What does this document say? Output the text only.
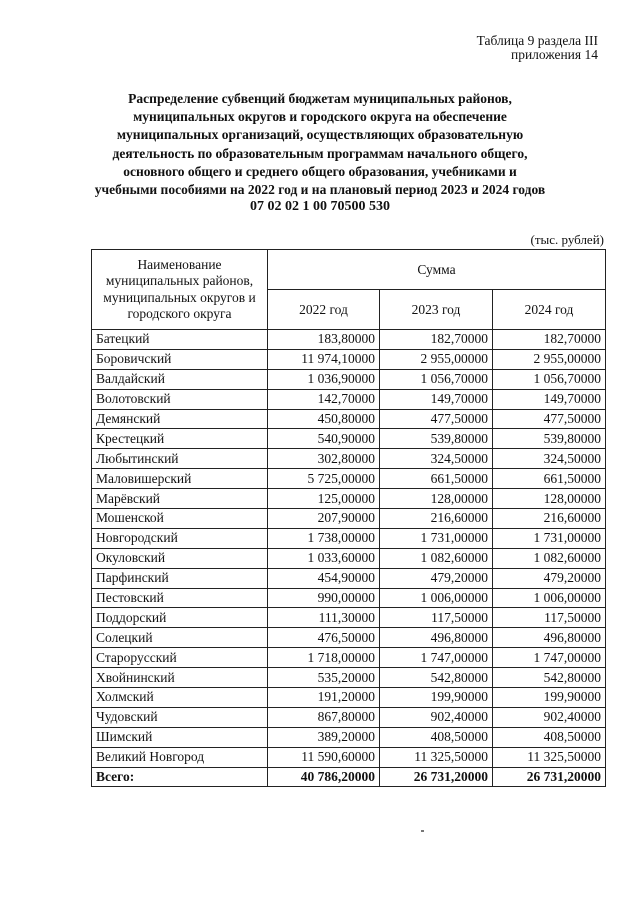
Таблица 9 раздела III
приложения 14
Распределение субвенций бюджетам муниципальных районов,
муниципальных округов и городского округа на обеспечение
муниципальных организаций, осуществляющих образовательную
деятельность по образовательным программам начального общего,
основного общего и среднего общего образования, учебниками и
учебными пособиями на 2022 год и на плановый период 2023 и 2024 годов
07 02 02 1 00 70500 530
(тыс. рублей)
Наименование муниципальных районов, муниципальных округов и городского округа	Сумма		
	2022 год	2023 год	2024 год
Батецкий	183,80000	182,70000	182,70000
Боровичский	11 974,10000	2 955,00000	2 955,00000
Валдайский	1 036,90000	1 056,70000	1 056,70000
Волотовский	142,70000	149,70000	149,70000
Демянский	450,80000	477,50000	477,50000
Крестецкий	540,90000	539,80000	539,80000
Любытинский	302,80000	324,50000	324,50000
Маловишерский	5 725,00000	661,50000	661,50000
Марёвский	125,00000	128,00000	128,00000
Мошенской	207,90000	216,60000	216,60000
Новгородский	1 738,00000	1 731,00000	1 731,00000
Окуловский	1 033,60000	1 082,60000	1 082,60000
Парфинский	454,90000	479,20000	479,20000
Пестовский	990,00000	1 006,00000	1 006,00000
Поддорский	111,30000	117,50000	117,50000
Солецкий	476,50000	496,80000	496,80000
Старорусский	1 718,00000	1 747,00000	1 747,00000
Хвойнинский	535,20000	542,80000	542,80000
Холмский	191,20000	199,90000	199,90000
Чудовский	867,80000	902,40000	902,40000
Шимский	389,20000	408,50000	408,50000
Великий Новгород	11 590,60000	11 325,50000	11 325,50000
Всего:	40 786,20000	26 731,20000	26 731,20000
